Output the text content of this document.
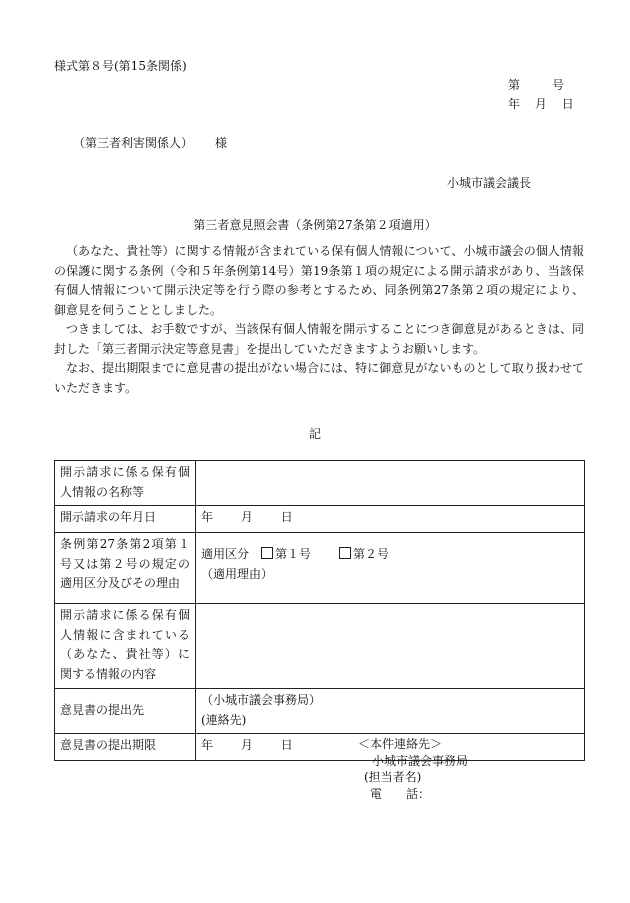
様式第８号(第15条関係)
第	号
年 月 日
（第三者利害関係人） 様
小城市議会議長
第三者意見照会書（条例第27条第２項適用）

（あなた、貴社等）に関する情報が含まれている保有個人情報について、小城市議会の個人情報の保護に関する条例（令和５年条例第14号）第19条第１項の規定による開示請求があり、当該保有個人情報について開示決定等を行う際の参考とするため、同条例第27条第２項の規定により、御意見を伺うこととしました。

つきましては、お手数ですが、当該保有個人情報を開示することにつき御意見があるときは、同封した「第三者開示決定等意見書」を提出していただきますようお願いします。

なお、提出期限までに意見書の提出がない場合には、特に御意見がないものとして取り扱わせていただきます。

記
開示請求に係る保有個人情報の名称等	
開示請求の年月日	年 月 日
条例第27条第2項第１号又は第２号の規定の適用区分及びその理由	適用区分 第１号 第２号
（適用理由）

開示請求に係る保有個人情報に含まれている（あなた、貴社等）に関する情報の内容	
意見書の提出先	（小城市議会事務局）
(連絡先)

意見書の提出期限	年 月 日	＜本件連絡先＞
小城市議会事務局
(担当者名)
電　　話：
